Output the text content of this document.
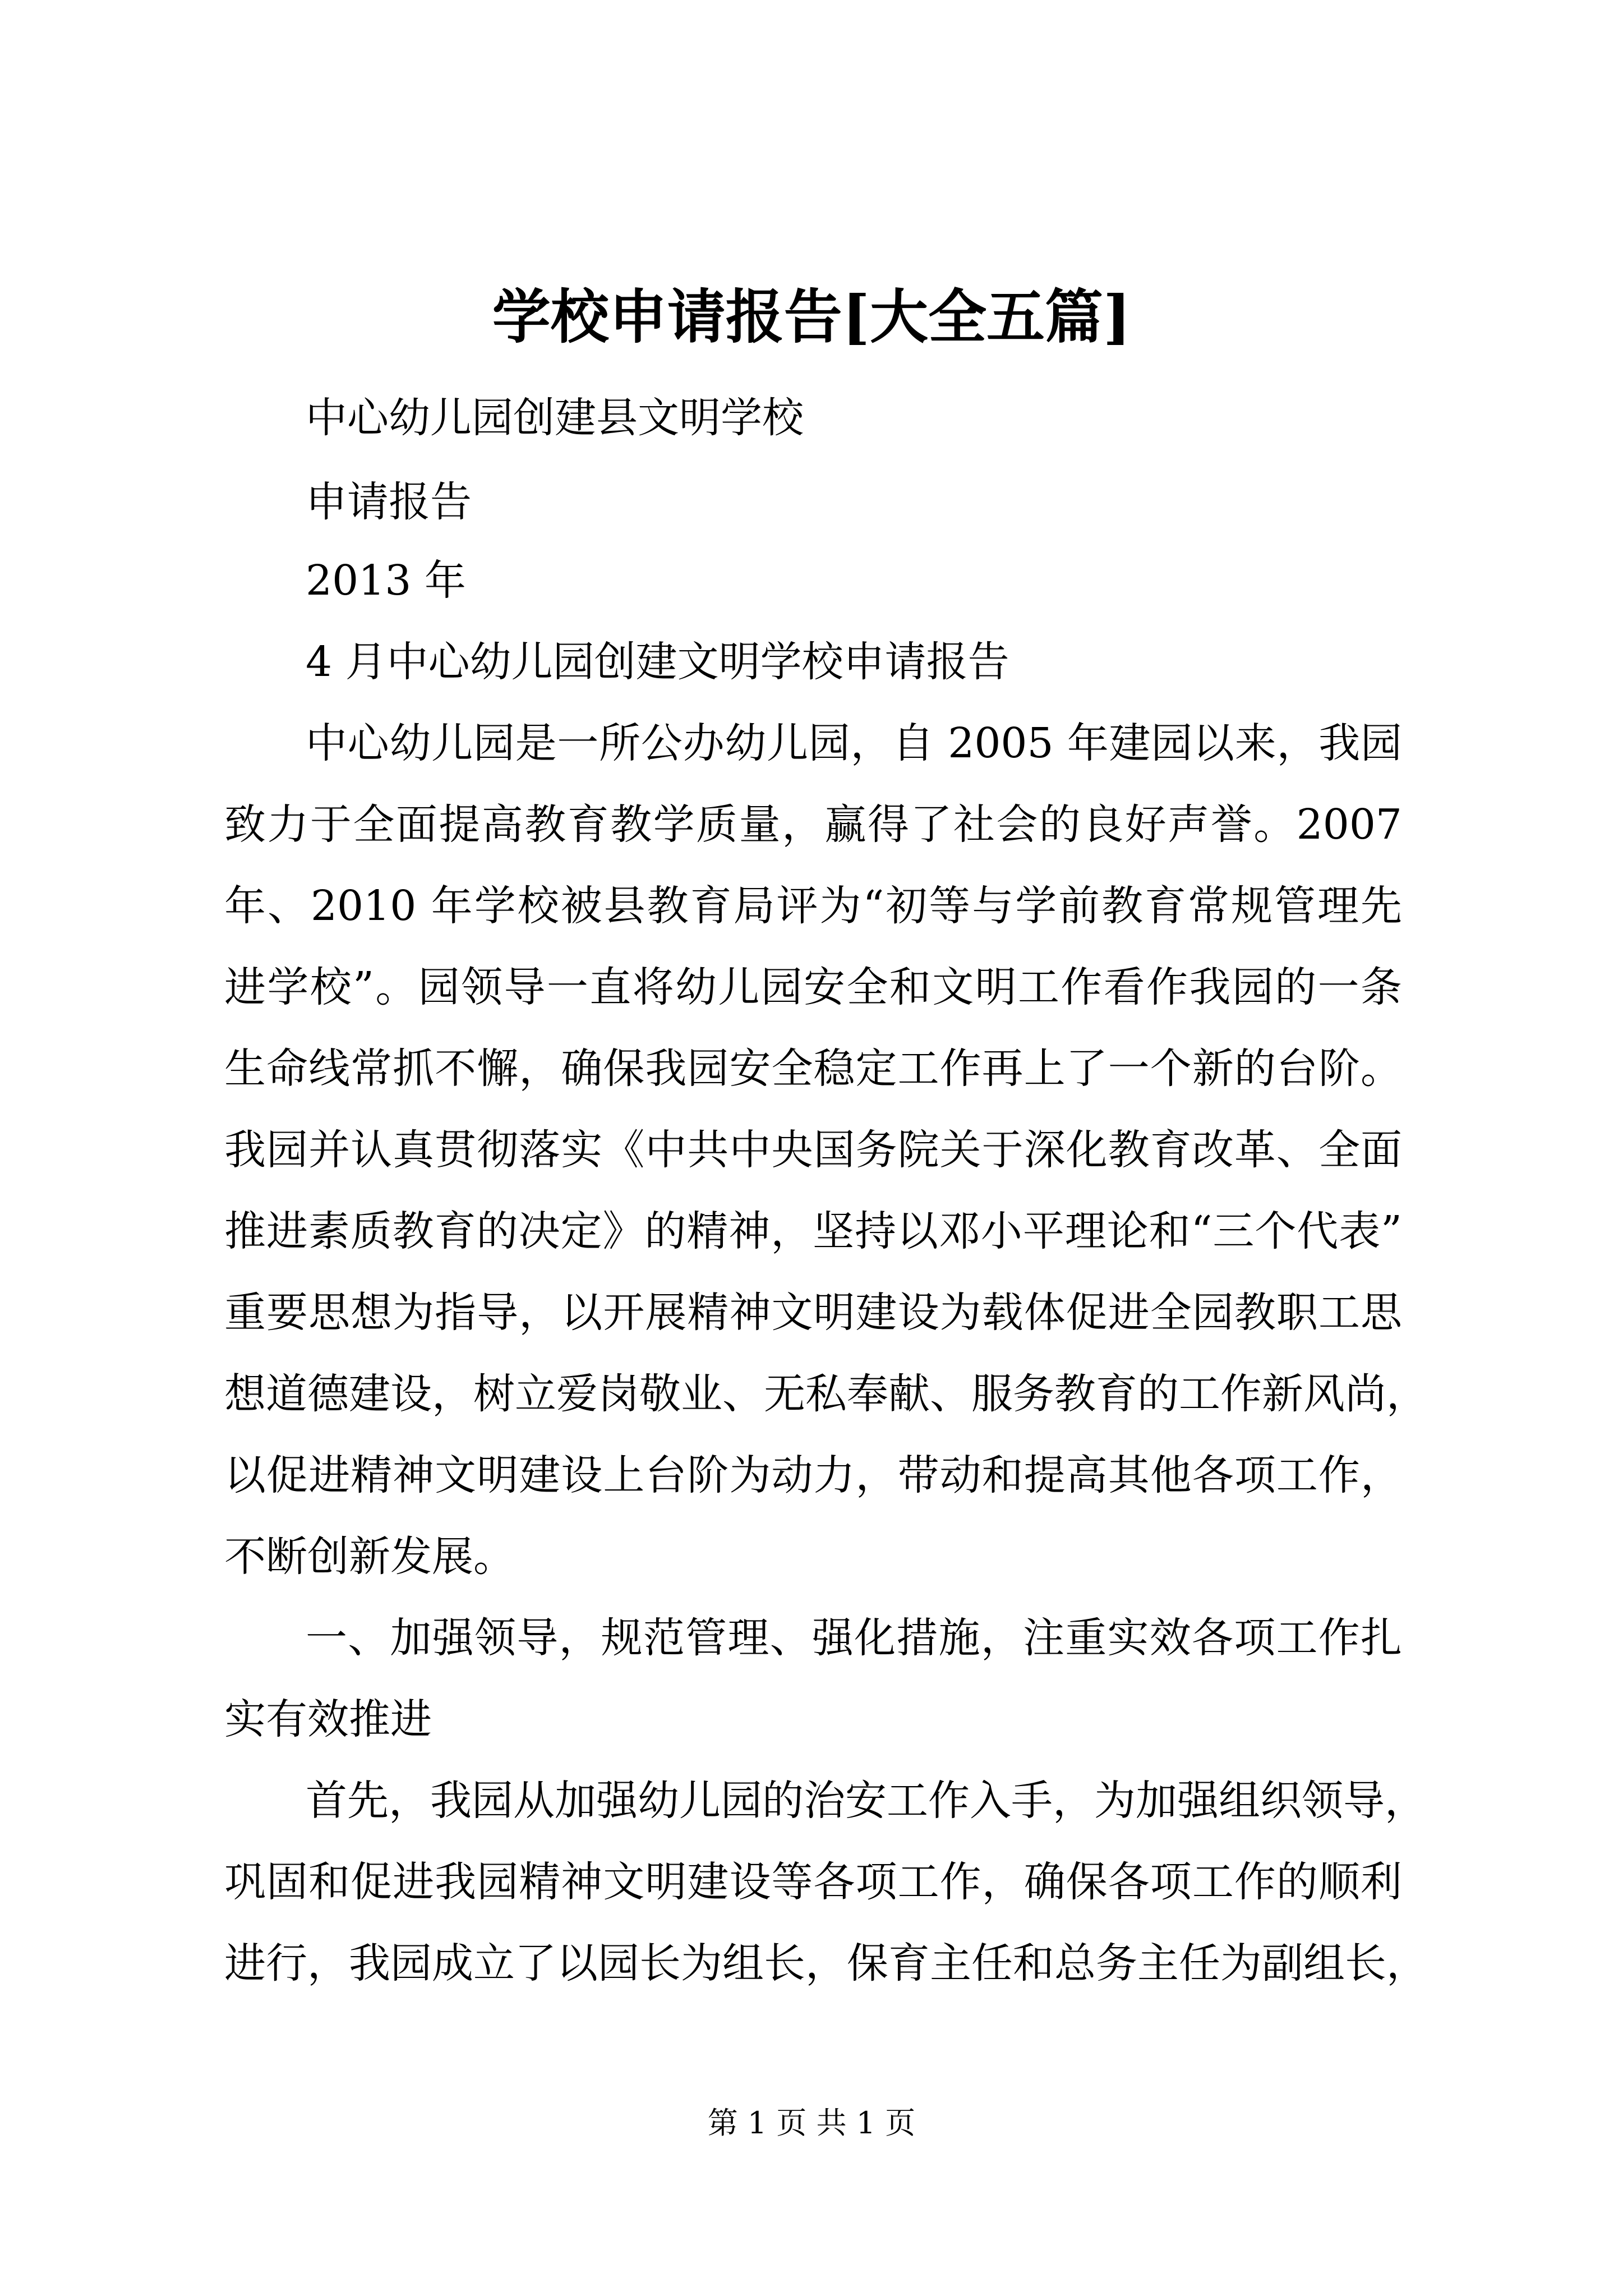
学校申请报告[大全五篇]
中心幼儿园创建县文明学校
申请报告
2013 年
4 月中心幼儿园创建文明学校申请报告
中心幼儿园是一所公办幼儿园，自 2005 年建园以来，我园
致力于全面提高教育教学质量，赢得了社会的良好声誉。2007
年、2010 年学校被县教育局评为“初等与学前教育常规管理先
进学校”。园领导一直将幼儿园安全和文明工作看作我园的一条
生命线常抓不懈，确保我园安全稳定工作再上了一个新的台阶。
我园并认真贯彻落实《中共中央国务院关于深化教育改革、全面
推进素质教育的决定》的精神，坚持以邓小平理论和“三个代表”
重要思想为指导，以开展精神文明建设为载体促进全园教职工思
想道德建设，树立爱岗敬业、无私奉献、服务教育的工作新风尚，
以促进精神文明建设上台阶为动力，带动和提高其他各项工作，
不断创新发展。
一、加强领导，规范管理、强化措施，注重实效各项工作扎
实有效推进
首先，我园从加强幼儿园的治安工作入手，为加强组织领导，
巩固和促进我园精神文明建设等各项工作，确保各项工作的顺利
进行，我园成立了以园长为组长，保育主任和总务主任为副组长，
第 1 页 共 1 页
